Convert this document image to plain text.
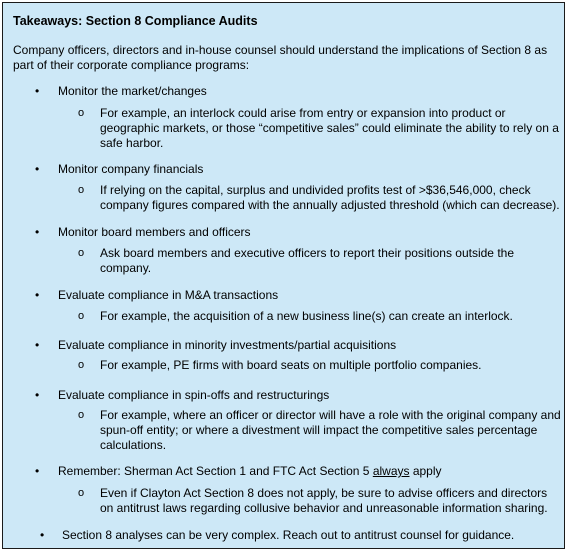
Takeaways: Section 8 Compliance Audits
Company officers, directors and in-house counsel should understand the implications of Section 8 as part of their corporate compliance programs:
• Monitor the market/changes
o For example, an interlock could arise from entry or expansion into product or geographic markets, or those “competitive sales” could eliminate the ability to rely on a safe harbor.
• Monitor company financials
o If relying on the capital, surplus and undivided profits test of >$36,546,000, check company figures compared with the annually adjusted threshold (which can decrease).
• Monitor board members and officers
o Ask board members and executive officers to report their positions outside the company.
• Evaluate compliance in M&A transactions
o For example, the acquisition of a new business line(s) can create an interlock.
• Evaluate compliance in minority investments/partial acquisitions
o For example, PE firms with board seats on multiple portfolio companies.
• Evaluate compliance in spin-offs and restructurings
o For example, where an officer or director will have a role with the original company and spun-off entity; or where a divestment will impact the competitive sales percentage calculations.
• Remember: Sherman Act Section 1 and FTC Act Section 5 always apply
o Even if Clayton Act Section 8 does not apply, be sure to advise officers and directors on antitrust laws regarding collusive behavior and unreasonable information sharing.
• Section 8 analyses can be very complex. Reach out to antitrust counsel for guidance.
